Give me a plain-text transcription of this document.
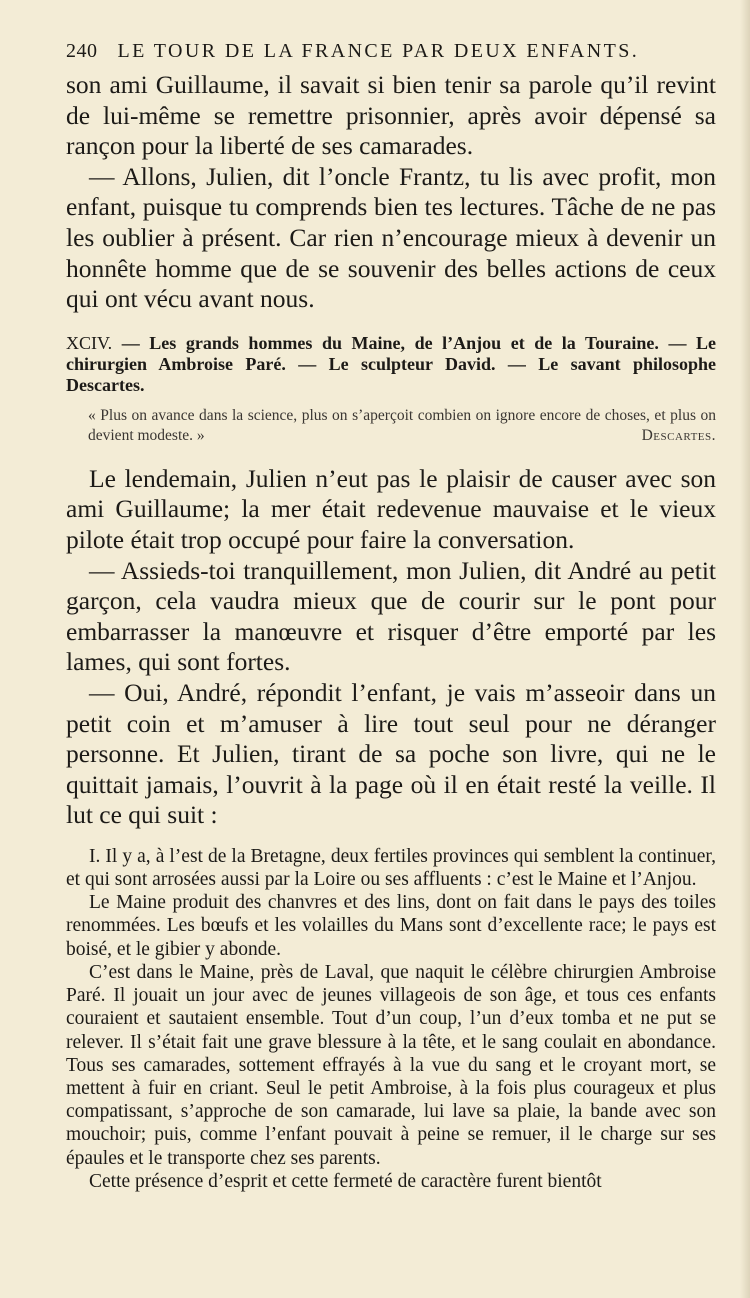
240 LE TOUR DE LA FRANCE PAR DEUX ENFANTS.

son ami Guillaume, il savait si bien tenir sa parole qu’il revint de lui-même se remettre prisonnier, après avoir dépensé sa rançon pour la liberté de ses camarades.

— Allons, Julien, dit l’oncle Frantz, tu lis avec profit, mon enfant, puisque tu comprends bien tes lectures. Tâche de ne pas les oublier à présent. Car rien n’encourage mieux à devenir un honnête homme que de se souvenir des belles actions de ceux qui ont vécu avant nous.

XCIV. — Les grands hommes du Maine, de l’Anjou et de la Touraine. — Le chirurgien Ambroise Paré. — Le sculpteur David. — Le savant philosophe Descartes.
« Plus on avance dans la science, plus on s’aperçoit combien on ignore encore de choses, et plus on devient modeste. »	Descartes.

Le lendemain, Julien n’eut pas le plaisir de causer avec son ami Guillaume; la mer était redevenue mauvaise et le vieux pilote était trop occupé pour faire la conversation.

— Assieds-toi tranquillement, mon Julien, dit André au petit garçon, cela vaudra mieux que de courir sur le pont pour embarrasser la manœuvre et risquer d’être emporté par les lames, qui sont fortes.

— Oui, André, répondit l’enfant, je vais m’asseoir dans un petit coin et m’amuser à lire tout seul pour ne déranger personne. Et Julien, tirant de sa poche son livre, qui ne le quittait jamais, l’ouvrit à la page où il en était resté la veille. Il lut ce qui suit :

I. Il y a, à l’est de la Bretagne, deux fertiles provinces qui semblent la continuer, et qui sont arrosées aussi par la Loire ou ses affluents : c’est le Maine et l’Anjou.

Le Maine produit des chanvres et des lins, dont on fait dans le pays des toiles renommées. Les bœufs et les volailles du Mans sont d’excellente race; le pays est boisé, et le gibier y abonde.

C’est dans le Maine, près de Laval, que naquit le célèbre chirurgien Ambroise Paré. Il jouait un jour avec de jeunes villageois de son âge, et tous ces enfants couraient et sautaient ensemble. Tout d’un coup, l’un d’eux tomba et ne put se relever. Il s’était fait une grave blessure à la tête, et le sang coulait en abondance. Tous ses camarades, sottement effrayés à la vue du sang et le croyant mort, se mettent à fuir en criant. Seul le petit Ambroise, à la fois plus courageux et plus compatissant, s’approche de son camarade, lui lave sa plaie, la bande avec son mouchoir; puis, comme l’enfant pouvait à peine se remuer, il le charge sur ses épaules et le transporte chez ses parents.

Cette présence d’esprit et cette fermeté de caractère furent bientôt
